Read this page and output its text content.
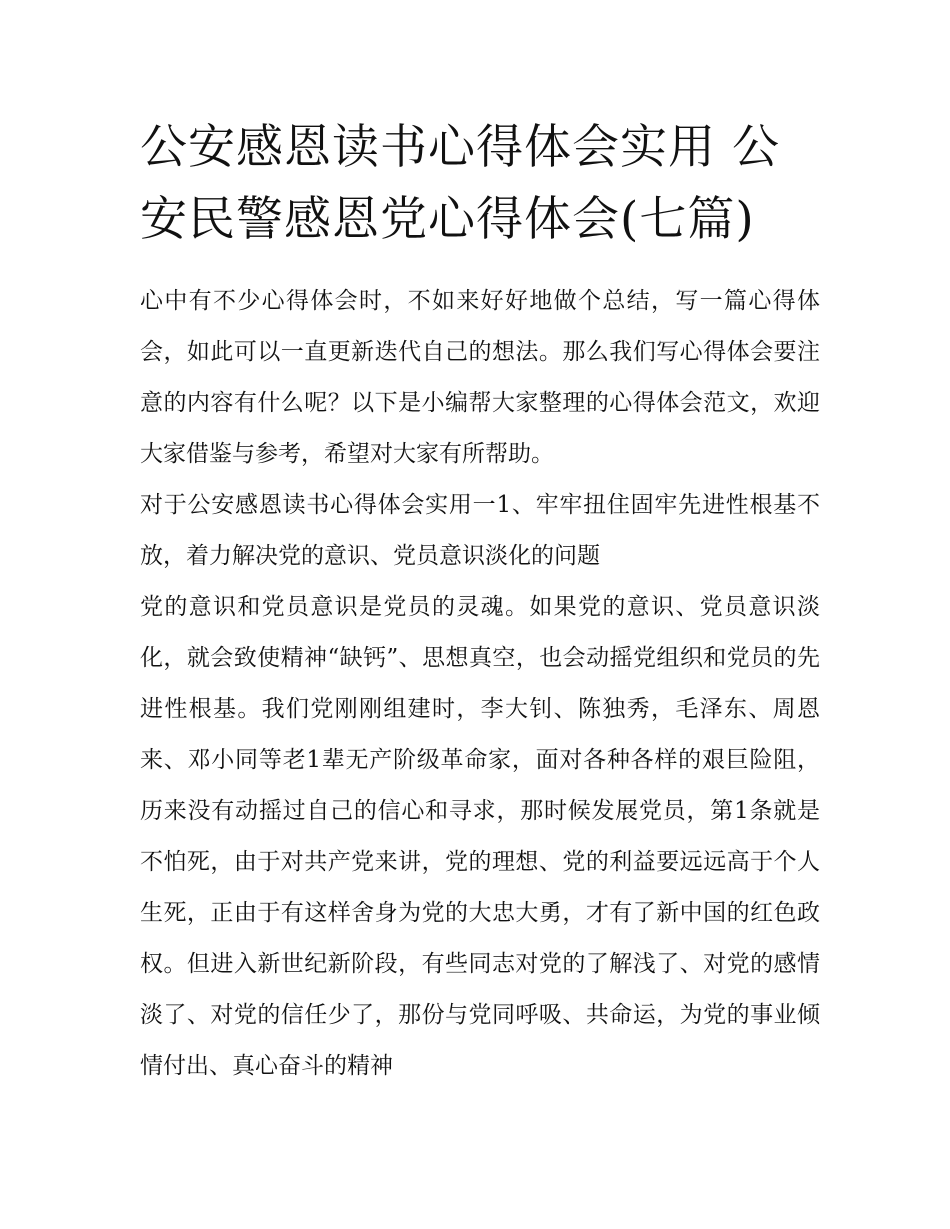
公安感恩读书心得体会实用 公安民警感恩党心得体会(七篇)

心中有不少心得体会时，不如来好好地做个总结，写一篇心得体会，如此可以一直更新迭代自己的想法。那么我们写心得体会要注意的内容有什么呢？以下是小编帮大家整理的心得体会范文，欢迎大家借鉴与参考，希望对大家有所帮助。

对于公安感恩读书心得体会实用一1、牢牢扭住固牢先进性根基不放，着力解决党的意识、党员意识淡化的问题

党的意识和党员意识是党员的灵魂。如果党的意识、党员意识淡化，就会致使精神“缺钙”、思想真空，也会动摇党组织和党员的先进性根基。我们党刚刚组建时，李大钊、陈独秀，毛泽东、周恩来、邓小同等老1辈无产阶级革命家，面对各种各样的艰巨险阻，历来没有动摇过自己的信心和寻求，那时候发展党员，第1条就是不怕死，由于对共产党来讲，党的理想、党的利益要远远高于个人生死，正由于有这样舍身为党的大忠大勇，才有了新中国的红色政权。但进入新世纪新阶段，有些同志对党的了解浅了、对党的感情淡了、对党的信任少了，那份与党同呼吸、共命运，为党的事业倾情付出、真心奋斗的精神
